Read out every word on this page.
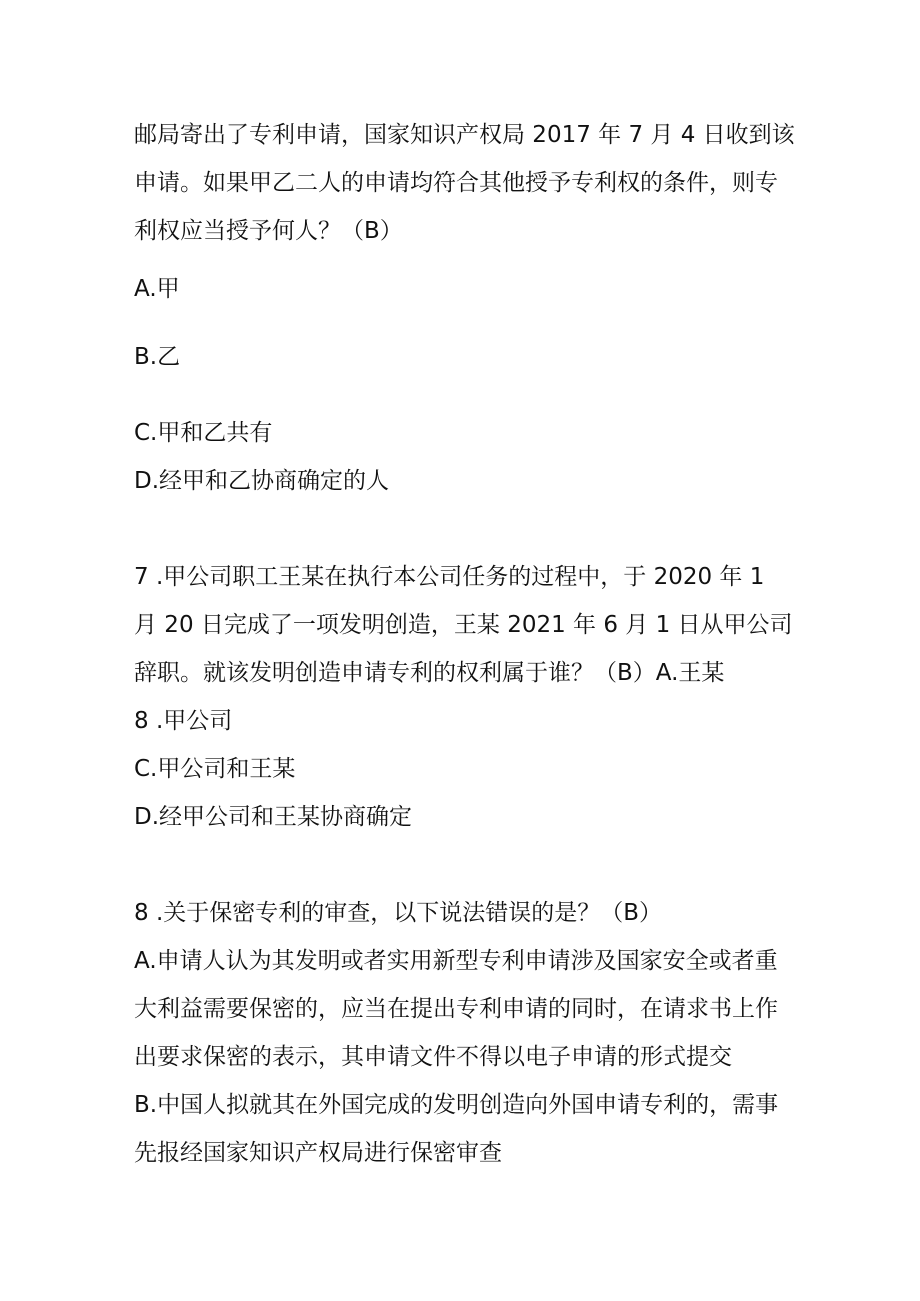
邮局寄出了专利申请，国家知识产权局 2017 年 7 月 4 日收到该
申请。如果甲乙二人的申请均符合其他授予专利权的条件，则专
利权应当授予何人？（B）
A.甲
B.乙
C.甲和乙共有
D.经甲和乙协商确定的人
7 .甲公司职工王某在执行本公司任务的过程中，于 2020 年 1
月 20 日完成了一项发明创造，王某 2021 年 6 月 1 日从甲公司
辞职。就该发明创造申请专利的权利属于谁？（B）A.王某
8 .甲公司
C.甲公司和王某
D.经甲公司和王某协商确定
8 .关于保密专利的审查，以下说法错误的是？（B）
A.申请人认为其发明或者实用新型专利申请涉及国家安全或者重
大利益需要保密的，应当在提出专利申请的同时，在请求书上作
出要求保密的表示，其申请文件不得以电子申请的形式提交
B.中国人拟就其在外国完成的发明创造向外国申请专利的，需事
先报经国家知识产权局进行保密审查
